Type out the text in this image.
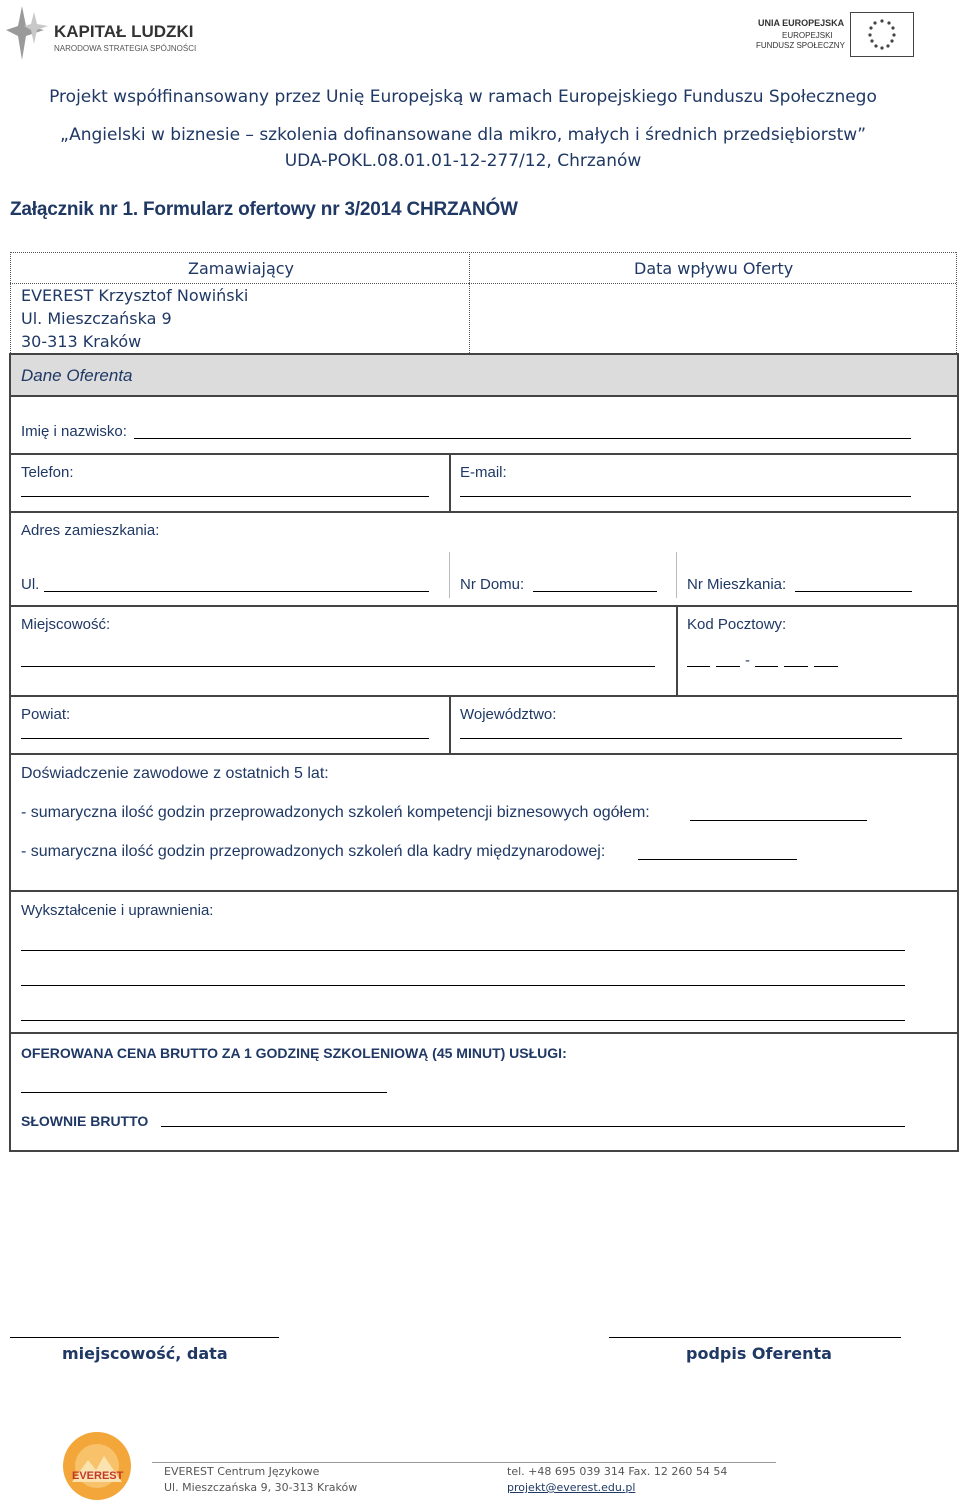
KAPITAŁ LUDZKI
NARODOWA STRATEGIA SPÓJNOŚCI
UNIA EUROPEJSKA
EUROPEJSKI
FUNDUSZ SPOŁECZNY
Projekt współfinansowany przez Unię Europejską w ramach Europejskiego Funduszu Społecznego
„Angielski w biznesie – szkolenia dofinansowane dla mikro, małych i średnich przedsiębiorstw”
UDA-POKL.08.01.01-12-277/12, Chrzanów
Załącznik nr 1. Formularz ofertowy nr 3/2014 CHRZANÓW
Zamawiający	Data wpływu Oferty
EVEREST Krzysztof Nowiński
Ul. Mieszczańska 9
30-313 Kraków
Dane Oferenta
Imię i nazwisko:
Telefon:	E-mail:
Adres zamieszkania:
Ul.	Nr Domu:	Nr Mieszkania:
Miejscowość:	Kod Pocztowy:
-
Powiat:	Województwo:
Doświadczenie zawodowe z ostatnich 5 lat:
- sumaryczna ilość godzin przeprowadzonych szkoleń kompetencji biznesowych ogółem:
- sumaryczna ilość godzin przeprowadzonych szkoleń dla kadry międzynarodowej:
Wykształcenie i uprawnienia:
OFEROWANA CENA BRUTTO ZA 1 GODZINĘ SZKOLENIOWĄ (45 MINUT) USŁUGI:
SŁOWNIE BRUTTO
miejscowość, data	podpis Oferenta
EVEREST	EVEREST Centrum Językowe
Ul. Mieszczańska 9, 30-313 Kraków
tel. +48 695 039 314 Fax. 12 260 54 54
projekt@everest.edu.pl
